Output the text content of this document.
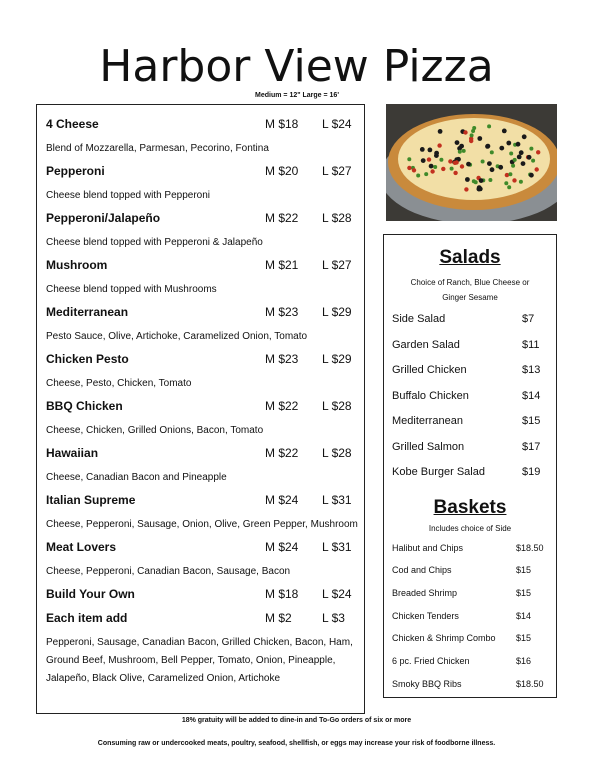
Harbor View Pizza
Medium = 12" Large = 16'
4 Cheese	M $18 L $24
Blend of Mozzarella, Parmesan, Pecorino, Fontina
Pepperoni	M $20 L $27
Cheese blend topped with Pepperoni
Pepperoni/Jalapeño	M $22 L $28
Cheese blend topped with Pepperoni & Jalapeño
Mushroom	M $21 L $27
Cheese blend topped with Mushrooms
Mediterranean	M $23 L $29
Pesto Sauce, Olive, Artichoke, Caramelized Onion, Tomato
Chicken Pesto	M $23 L $29
Cheese, Pesto, Chicken, Tomato
BBQ Chicken	M $22 L $28
Cheese, Chicken, Grilled Onions, Bacon, Tomato
Hawaiian	M $22 L $28
Cheese, Canadian Bacon and Pineapple
Italian Supreme	M $24 L $31
Cheese, Pepperoni, Sausage, Onion, Olive, Green Pepper, Mushroom
Meat Lovers	M $24 L $31
Cheese, Pepperoni, Canadian Bacon, Sausage, Bacon
Build Your Own	M $18 L $24
Each item add	M $2	L $3
Pepperoni, Sausage, Canadian Bacon, Grilled Chicken, Bacon, Ham, Ground Beef, Mushroom, Bell Pepper, Tomato, Onion, Pineapple, Jalapeño, Black Olive, Caramelized Onion, Artichoke
Salads
Choice of Ranch, Blue Cheese or Ginger Sesame
Side Salad	$7
Garden Salad	$11
Grilled Chicken	$13
Buffalo Chicken	$14
Mediterranean	$15
Grilled Salmon	$17
Kobe Burger Salad	$19
Baskets
Includes choice of Side
Halibut and Chips	$18.50
Cod and Chips	$15
Breaded Shrimp	$15
Chicken Tenders	$14
Chicken & Shrimp Combo $15
6 pc. Fried Chicken	$16
Smoky BBQ Ribs	$18.50
18% gratuity will be added to dine-in and To-Go orders of six or more
Consuming raw or undercooked meats, poultry, seafood, shellfish, or eggs may increase your risk of foodborne illness.
